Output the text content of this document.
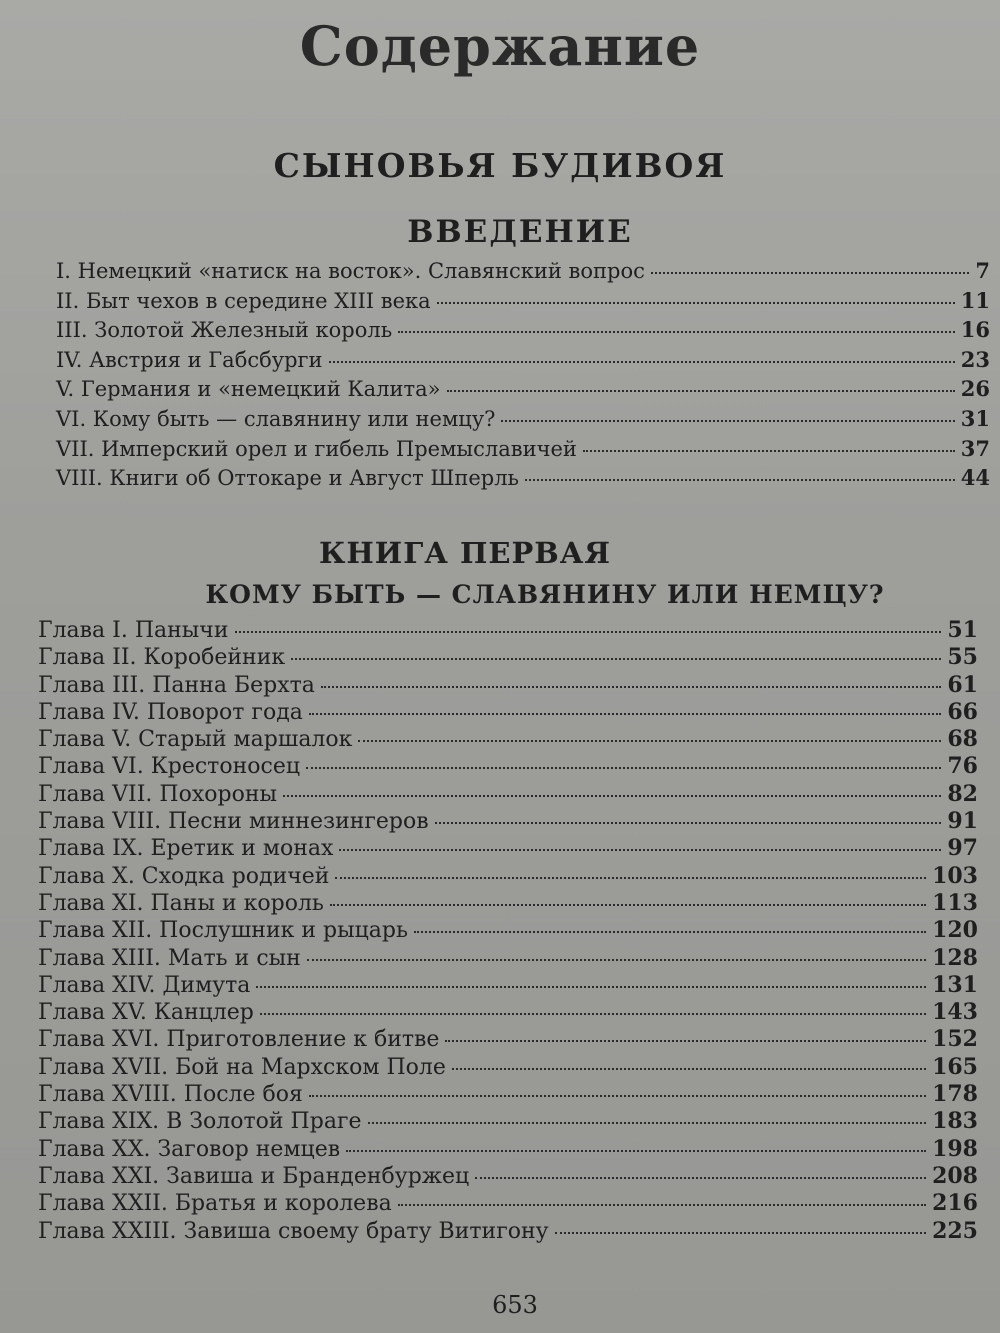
Содержание
СЫНОВЬЯ БУДИВОЯ
ВВЕДЕНИЕ
I. Немецкий «натиск на восток». Славянский вопрос	7
II. Быт чехов в середине XIII века	11
III. Золотой Железный король	16
IV. Австрия и Габсбурги	23
V. Германия и «немецкий Калита»	26
VI. Кому быть — славянину или немцу?	31
VII. Имперский орел и гибель Премыславичей	37
VIII. Книги об Оттокаре и Август Шперль	44
КНИГА ПЕРВАЯ
КОМУ БЫТЬ — СЛАВЯНИНУ ИЛИ НЕМЦУ?
Глава I. Панычи	51
Глава II. Коробейник	55
Глава III. Панна Берхта	61
Глава IV. Поворот года	66
Глава V. Старый маршалок	68
Глава VI. Крестоносец	76
Глава VII. Похороны	82
Глава VIII. Песни миннезингеров	91
Глава IX. Еретик и монах	97
Глава X. Сходка родичей	103
Глава XI. Паны и король	113
Глава XII. Послушник и рыцарь	120
Глава XIII. Мать и сын	128
Глава XIV. Димута	131
Глава XV. Канцлер	143
Глава XVI. Приготовление к битве	152
Глава XVII. Бой на Мархском Поле	165
Глава XVIII. После боя	178
Глава XIX. В Золотой Праге	183
Глава XX. Заговор немцев	198
Глава XXI. Завиша и Бранденбуржец	208
Глава XXII. Братья и королева	216
Глава XXIII. Завиша своему брату Витигону	225
653
